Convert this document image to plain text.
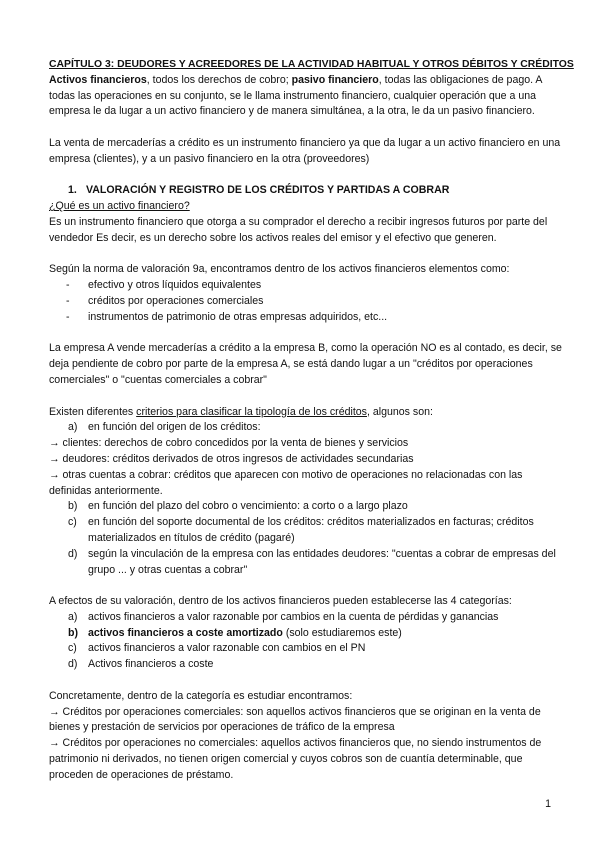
CAPÍTULO 3: DEUDORES Y ACREEDORES DE LA ACTIVIDAD HABITUAL Y OTROS DÉBITOS Y CRÉDITOS

Activos financieros, todos los derechos de cobro; pasivo financiero, todas las obligaciones de pago. A todas las operaciones en su conjunto, se le llama instrumento financiero, cualquier operación que a una empresa le da lugar a un activo financiero y de manera simultánea, a la otra, le da un pasivo financiero.

La venta de mercaderías a crédito es un instrumento financiero ya que da lugar a un activo financiero en una empresa (clientes), y a un pasivo financiero en la otra (proveedores)

1. VALORACIÓN Y REGISTRO DE LOS CRÉDITOS Y PARTIDAS A COBRAR

¿Qué es un activo financiero?

Es un instrumento financiero que otorga a su comprador el derecho a recibir ingresos futuros por parte del vendedor Es decir, es un derecho sobre los activos reales del emisor y el efectivo que generen.

Según la norma de valoración 9a, encontramos dentro de los activos financieros elementos como:

- efectivo y otros líquidos equivalentes
- créditos por operaciones comerciales
- instrumentos de patrimonio de otras empresas adquiridos, etc...

La empresa A vende mercaderías a crédito a la empresa B, como la operación NO es al contado, es decir, se deja pendiente de cobro por parte de la empresa A, se está dando lugar a un "créditos por operaciones comerciales" o "cuentas comerciales a cobrar"

Existen diferentes criterios para clasificar la tipología de los créditos, algunos son:

a) en función del origen de los créditos:

→ clientes: derechos de cobro concedidos por la venta de bienes y servicios

→ deudores: créditos derivados de otros ingresos de actividades secundarias

→ otras cuentas a cobrar: créditos que aparecen con motivo de operaciones no relacionadas con las definidas anteriormente.

b) en función del plazo del cobro o vencimiento: a corto o a largo plazo
c) en función del soporte documental de los créditos: créditos materializados en facturas; créditos materializados en títulos de crédito (pagaré)
d) según la vinculación de la empresa con las entidades deudores: "cuentas a cobrar de empresas del grupo ... y otras cuentas a cobrar"

A efectos de su valoración, dentro de los activos financieros pueden establecerse las 4 categorías:

a) activos financieros a valor razonable por cambios en la cuenta de pérdidas y ganancias
b) activos financieros a coste amortizado (solo estudiaremos este)
c) activos financieros a valor razonable con cambios en el PN
d) Activos financieros a coste

Concretamente, dentro de la categoría es estudiar encontramos:

→ Créditos por operaciones comerciales: son aquellos activos financieros que se originan en la venta de bienes y prestación de servicios por operaciones de tráfico de la empresa

→ Créditos por operaciones no comerciales: aquellos activos financieros que, no siendo instrumentos de patrimonio ni derivados, no tienen origen comercial y cuyos cobros son de cuantía determinable, que proceden de operaciones de préstamo.

1
